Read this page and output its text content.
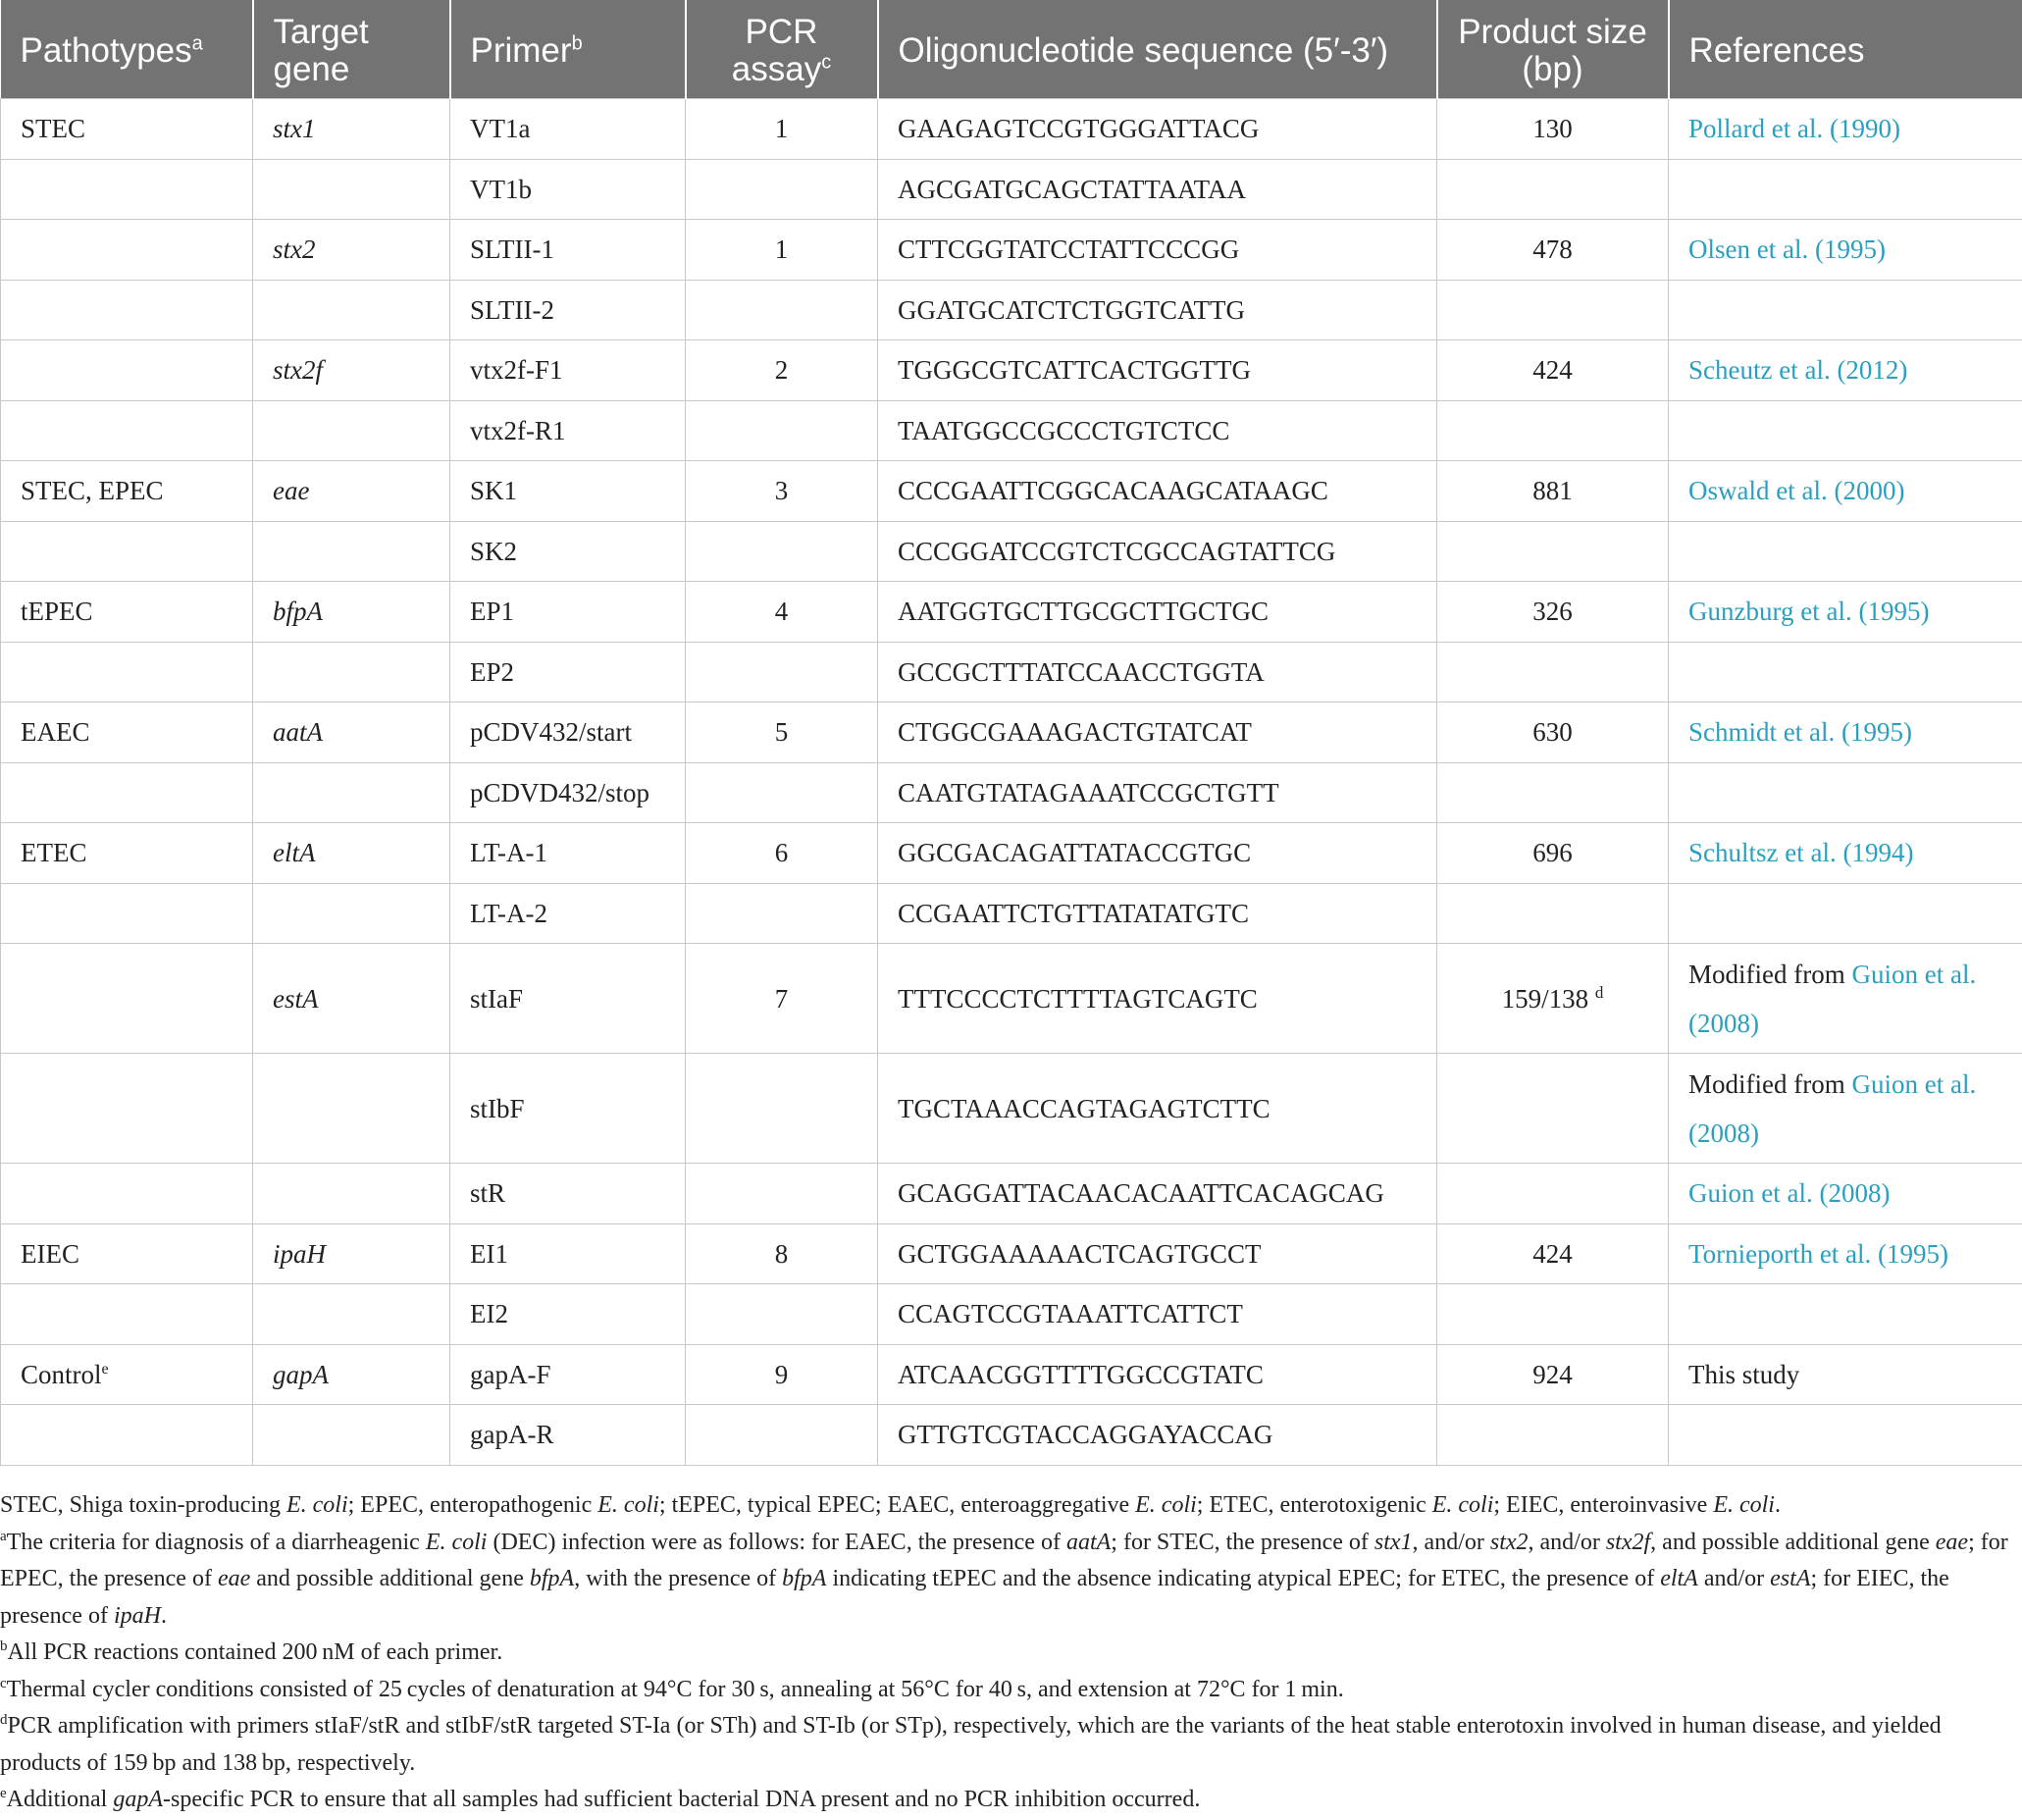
Pathotypes$^a$	Target gene	Primer$^b$	PCR assay$^c$	Oligonucleotide sequence (5′-3′)	Product size (bp)	References
STEC	stx1	VT1a	1	GAAGAGTCCGTGGGATTACG	130	Pollard et al. (1990)
		VT1b		AGCGATGCAGCTATTAATAA		
	stx2	SLTII-1	1	CTTCGGTATCCTATTCCCGG	478	Olsen et al. (1995)
		SLTII-2		GGATGCATCTCTGGTCATTG		
	stx2f	vtx2f-F1	2	TGGGCGTCATTCACTGGTTG	424	Scheutz et al. (2012)
		vtx2f-R1		TAATGGCCGCCCTGTCTCC		
STEC, EPEC	eae	SK1	3	CCCGAATTCGGCACAAGCATAAGC	881	Oswald et al. (2000)
		SK2		CCCGGATCCGTCTCGCCAGTATTCG		
tEPEC	bfpA	EP1	4	AATGGTGCTTGCGCTTGCTGC	326	Gunzburg et al. (1995)
		EP2		GCCGCTTTATCCAACCTGGTA		
EAEC	aatA	pCDV432/start	5	CTGGCGAAAGACTGTATCAT	630	Schmidt et al. (1995)
		pCDVD432/stop		CAATGTATAGAAATCCGCTGTT		
ETEC	eltA	LT-A-1	6	GGCGACAGATTATACCGTGC	696	Schultsz et al. (1994)
		LT-A-2		CCGAATTCTGTTATATATGTC		
	estA	stIaF	7	TTTCCCCTCTTTTAGTCAGTC	159/138 $^d$	Modified from Guion et al. (2008)
		stIbF		TGCTAAACCAGTAGAGTCTTC		Modified from Guion et al. (2008)
		stR		GCAGGATTACAACACAATTCACAGCAG		Guion et al. (2008)
EIEC	ipaH	EI1	8	GCTGGAAAAACTCAGTGCCT	424	Tornieporth et al. (1995)
		EI2		CCAGTCCGTAAATTCATTCT		
Control$^e$	gapA	gapA-F	9	ATCAACGGTTTTGGCCGTATC	924	This study
		gapA-R		GTTGTCGTACCAGGAYACCAG		

STEC, Shiga toxin-producing E. coli; EPEC, enteropathogenic E. coli; tEPEC, typical EPEC; EAEC, enteroaggregative E. coli; ETEC, enterotoxigenic E. coli; EIEC, enteroinvasive E. coli.

$^a$The criteria for diagnosis of a diarrheagenic E. coli (DEC) infection were as follows: for EAEC, the presence of aatA; for STEC, the presence of stx1, and/or stx2, and/or stx2f, and possible additional gene eae; for EPEC, the presence of eae and possible additional gene bfpA, with the presence of bfpA indicating tEPEC and the absence indicating atypical EPEC; for ETEC, the presence of eltA and/or estA; for EIEC, the presence of ipaH.

$^b$All PCR reactions contained 200 nM of each primer.

$^c$Thermal cycler conditions consisted of 25 cycles of denaturation at 94°C for 30 s, annealing at 56°C for 40 s, and extension at 72°C for 1 min.

$^d$PCR amplification with primers stIaF/stR and stIbF/stR targeted ST-Ia (or STh) and ST-Ib (or STp), respectively, which are the variants of the heat stable enterotoxin involved in human disease, and yielded products of 159 bp and 138 bp, respectively.

$^e$Additional gapA-specific PCR to ensure that all samples had sufficient bacterial DNA present and no PCR inhibition occurred.
